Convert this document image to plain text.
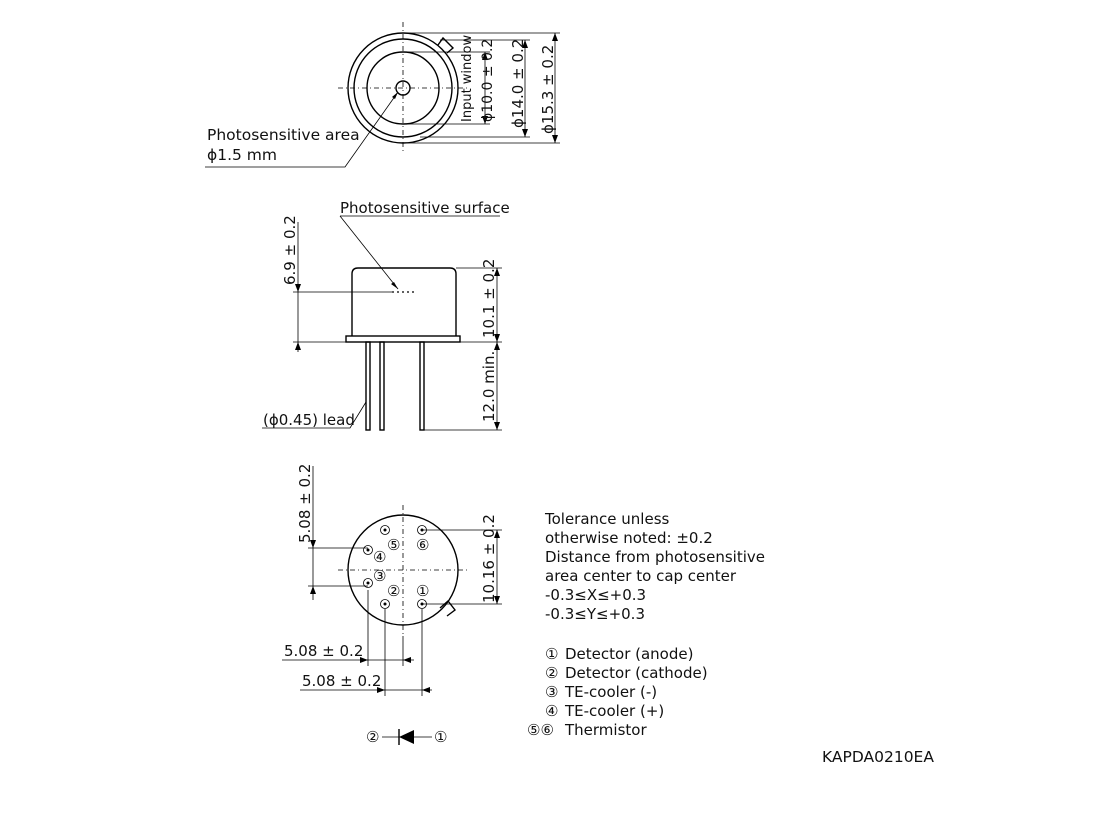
Photosensitive area
ϕ1.5 mm
Input window ϕ10.0 ± 0.2 ϕ14.0 ± 0.2 ϕ15.3 ± 0.2
Photosensitive surface
6.9 ± 0.2
10.1 ± 0.2
12.0 min.
(ϕ0.45) lead
①
②
③
④
⑤ ⑥
5.08 ± 0.2
10.16 ± 0.2
5.08 ± 0.2
5.08 ± 0.2
②	①
Tolerance unless
otherwise noted: ±0.2
Distance from photosensitive
area center to cap center
-0.3≤X≤+0.3
-0.3≤Y≤+0.3
① Detector (anode)
② Detector (cathode)
③ TE-cooler (-)
④ TE-cooler (+)
⑤⑥ Thermistor
KAPDA0210EA
